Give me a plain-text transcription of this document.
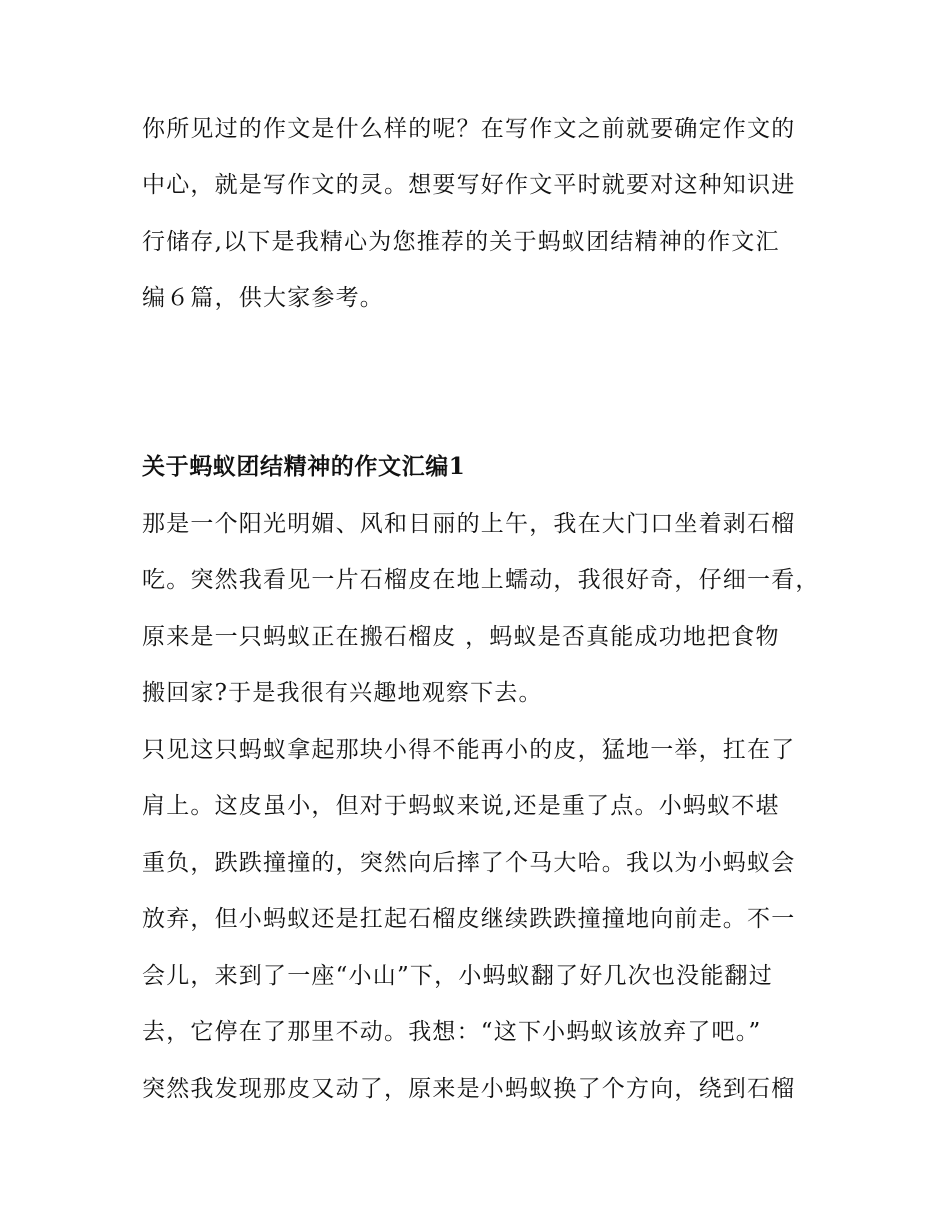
你所见过的作文是什么样的呢？在写作文之前就要确定作文的
中心，就是写作文的灵。想要写好作文平时就要对这种知识进
行储存,以下是我精心为您推荐的关于蚂蚁团结精神的作文汇
编６篇，供大家参考。
关于蚂蚁团结精神的作文汇编1
那是一个阳光明媚、风和日丽的上午，我在大门口坐着剥石榴
吃。突然我看见一片石榴皮在地上蠕动，我很好奇，仔细一看，
原来是一只蚂蚁正在搬石榴皮 ，蚂蚁是否真能成功地把食物
搬回家?于是我很有兴趣地观察下去。
只见这只蚂蚁拿起那块小得不能再小的皮，猛地一举，扛在了
肩上。这皮虽小，但对于蚂蚁来说,还是重了点。小蚂蚁不堪
重负，跌跌撞撞的，突然向后摔了个马大哈。我以为小蚂蚁会
放弃，但小蚂蚁还是扛起石榴皮继续跌跌撞撞地向前走。不一
会儿，来到了一座“小山”下，小蚂蚁翻了好几次也没能翻过
去，它停在了那里不动。我想：“这下小蚂蚁该放弃了吧。”
突然我发现那皮又动了，原来是小蚂蚁换了个方向，绕到石榴
